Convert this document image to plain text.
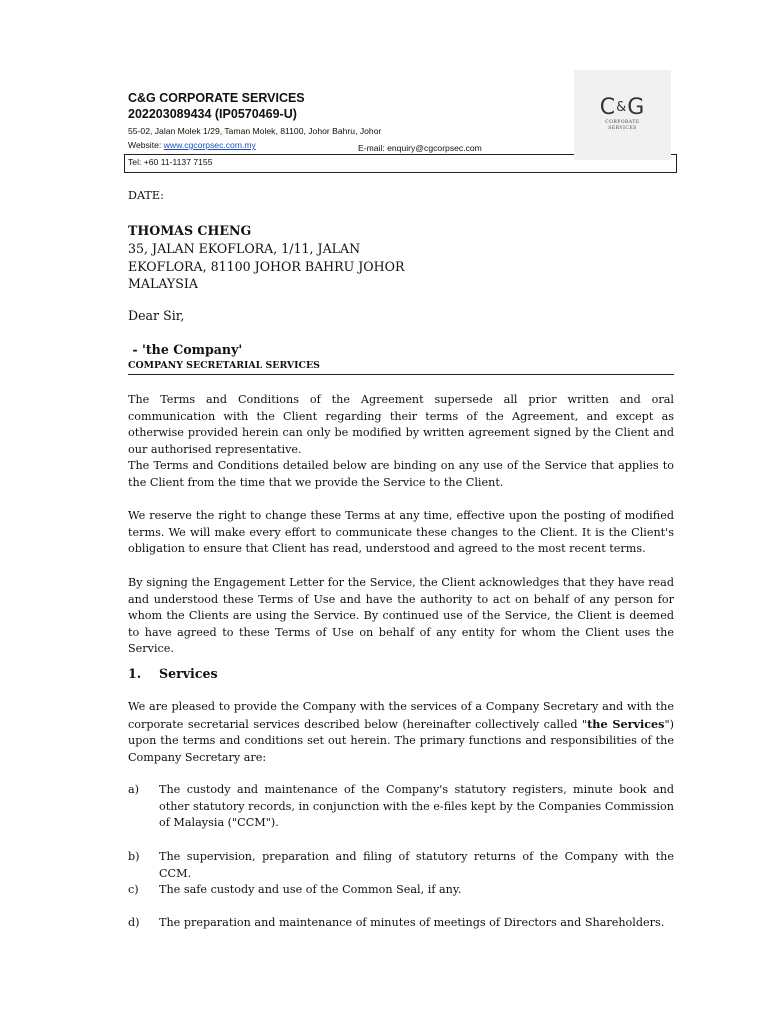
C&G CORPORATE SERVICES
202203089434 (IP0570469-U)
55-02, Jalan Molek 1/29, Taman Molek, 81100, Johor Bahru, Johor
Website: www.cgcorpsec.com.my	E-mail: enquiry@cgcorpsec.com
Tel: +60 11-1137 7155
C&G
CORPORATE
SERVICES
DATE:
THOMAS CHENG
35, JALAN EKOFLORA, 1/11, JALAN
EKOFLORA, 81100 JOHOR BAHRU JOHOR
MALAYSIA
Dear Sir,
- 'the Company'
COMPANY SECRETARIAL SERVICES
The Terms and Conditions of the Agreement supersede all prior written and oral communication with the Client regarding their terms of the Agreement, and except as otherwise provided herein can only be modified by written agreement signed by the Client and our authorised representative.
The Terms and Conditions detailed below are binding on any use of the Service that applies to the Client from the time that we provide the Service to the Client.
We reserve the right to change these Terms at any time, effective upon the posting of modified terms. We will make every effort to communicate these changes to the Client. It is the Client's obligation to ensure that Client has read, understood and agreed to the most recent terms.
By signing the Engagement Letter for the Service, the Client acknowledges that they have read and understood these Terms of Use and have the authority to act on behalf of any person for whom the Clients are using the Service. By continued use of the Service, the Client is deemed to have agreed to these Terms of Use on behalf of any entity for whom the Client uses the Service.
1. Services
We are pleased to provide the Company with the services of a Company Secretary and with the corporate secretarial services described below (hereinafter collectively called "the Services") upon the terms and conditions set out herein. The primary functions and responsibilities of the Company Secretary are:
a) The custody and maintenance of the Company's statutory registers, minute book and other statutory records, in conjunction with the e-files kept by the Companies Commission of Malaysia ("CCM").
b) The supervision, preparation and filing of statutory returns of the Company with the CCM.
c) The safe custody and use of the Common Seal, if any.
d) The preparation and maintenance of minutes of meetings of Directors and Shareholders.
